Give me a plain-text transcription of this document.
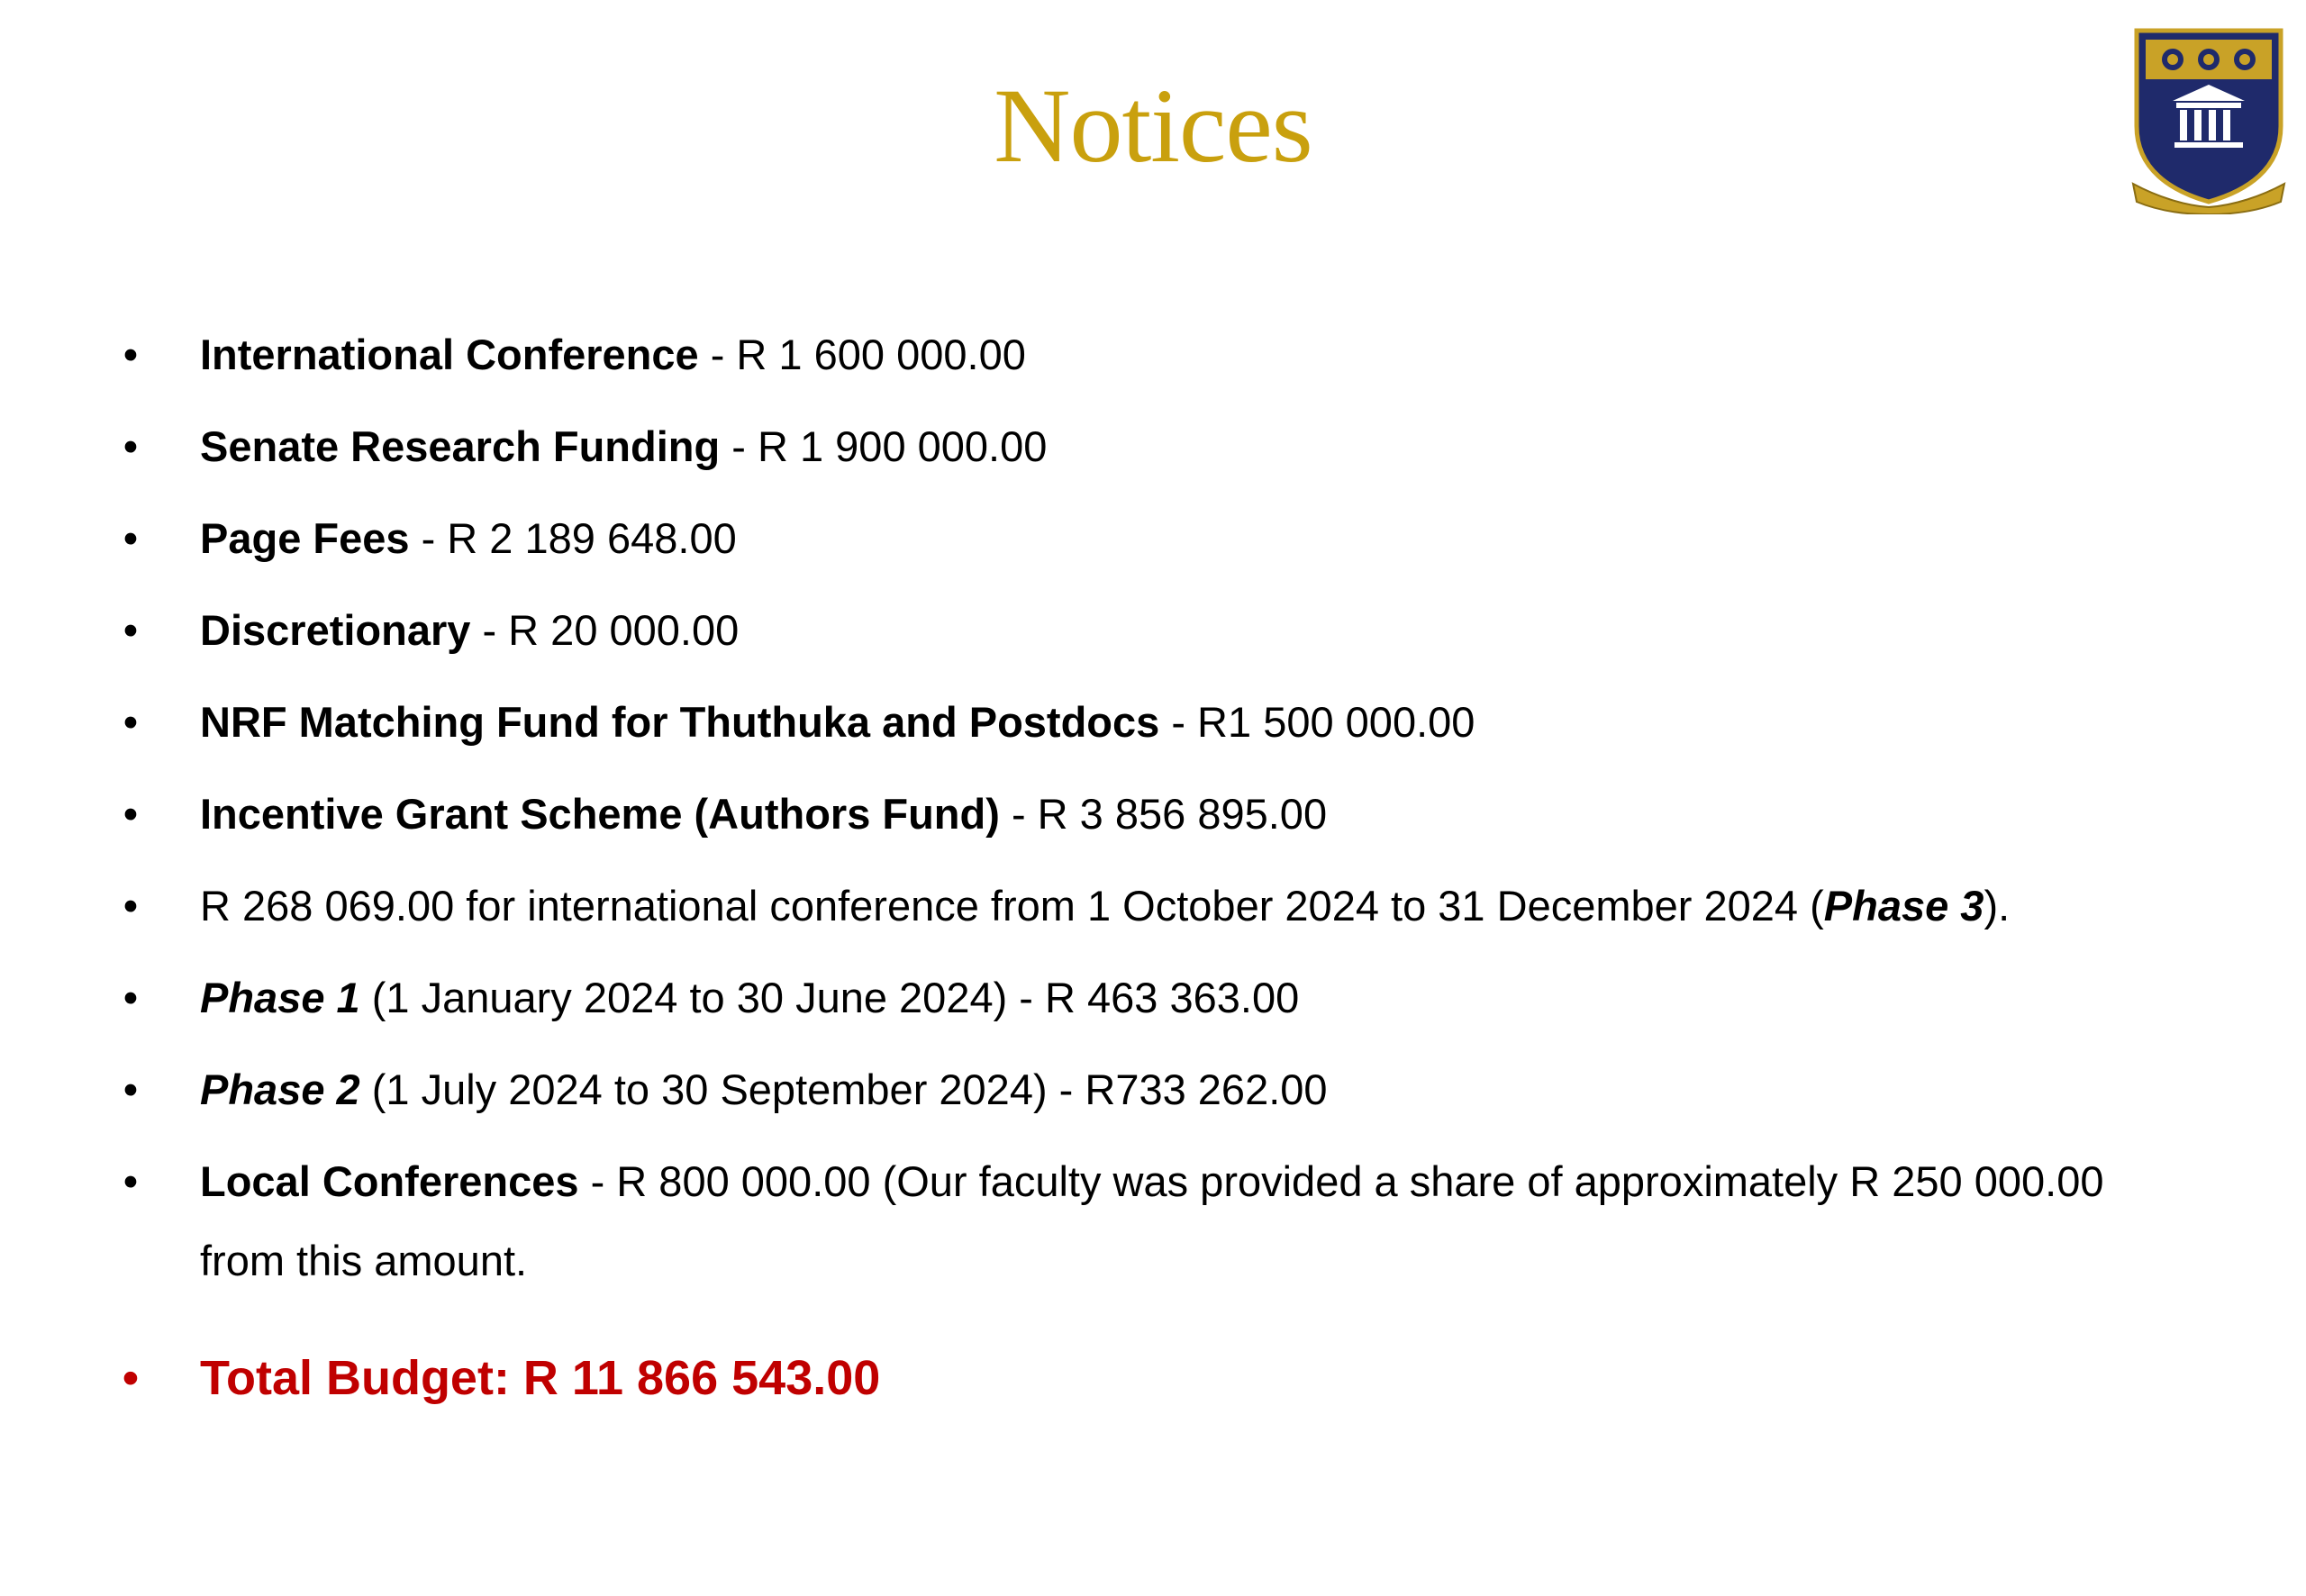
Notices
• International Conference - R 1 600 000.00
• Senate Research Funding - R 1 900 000.00
• Page Fees - R 2 189 648.00
• Discretionary - R 20 000.00
• NRF Matching Fund for Thuthuka and Postdocs - R1 500 000.00
• Incentive Grant Scheme (Authors Fund) - R 3 856 895.00
• R 268 069.00 for international conference from 1 October 2024 to 31 December 2024 (Phase 3).
• Phase 1 (1 January 2024 to 30 June 2024) - R 463 363.00
• Phase 2 (1 July 2024 to 30 September 2024) - R733 262.00
• Local Conferences - R 800 000.00 (Our faculty was provided a share of approximately R 250 000.00 from this amount.
• Total Budget: R 11 866 543.00
